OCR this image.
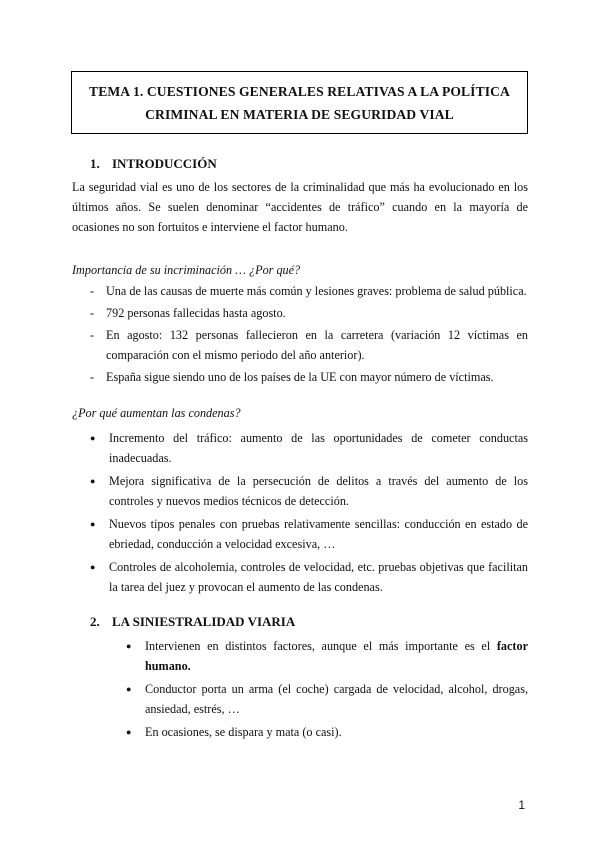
TEMA 1. CUESTIONES GENERALES RELATIVAS A LA POLÍTICA
CRIMINAL EN MATERIA DE SEGURIDAD VIAL
1. INTRODUCCIÓN
La seguridad vial es uno de los sectores de la criminalidad que más ha evolucionado en los últimos años. Se suelen denominar “accidentes de tráfico” cuando en la mayoría de ocasiones no son fortuitos e interviene el factor humano.
Importancia de su incriminación … ¿Por qué?
- Una de las causas de muerte más común y lesiones graves: problema de salud pública.
- 792 personas fallecidas hasta agosto.
- En agosto: 132 personas fallecieron en la carretera (variación 12 víctimas en comparación con el mismo periodo del año anterior).
- España sigue siendo uno de los países de la UE con mayor número de víctimas.
¿Por qué aumentan las condenas?
● Incremento del tráfico: aumento de las oportunidades de cometer conductas inadecuadas.
● Mejora significativa de la persecución de delitos a través del aumento de los controles y nuevos medios técnicos de detección.
● Nuevos tipos penales con pruebas relativamente sencillas: conducción en estado de ebriedad, conducción a velocidad excesiva, …
● Controles de alcoholemia, controles de velocidad, etc. pruebas objetivas que facilitan la tarea del juez y provocan el aumento de las condenas.
2. LA SINIESTRALIDAD VIARIA
● Intervienen en distintos factores, aunque el más importante es el factor humano.
● Conductor porta un arma (el coche) cargada de velocidad, alcohol, drogas, ansiedad, estrés, …
● En ocasiones, se dispara y mata (o casi).
1
